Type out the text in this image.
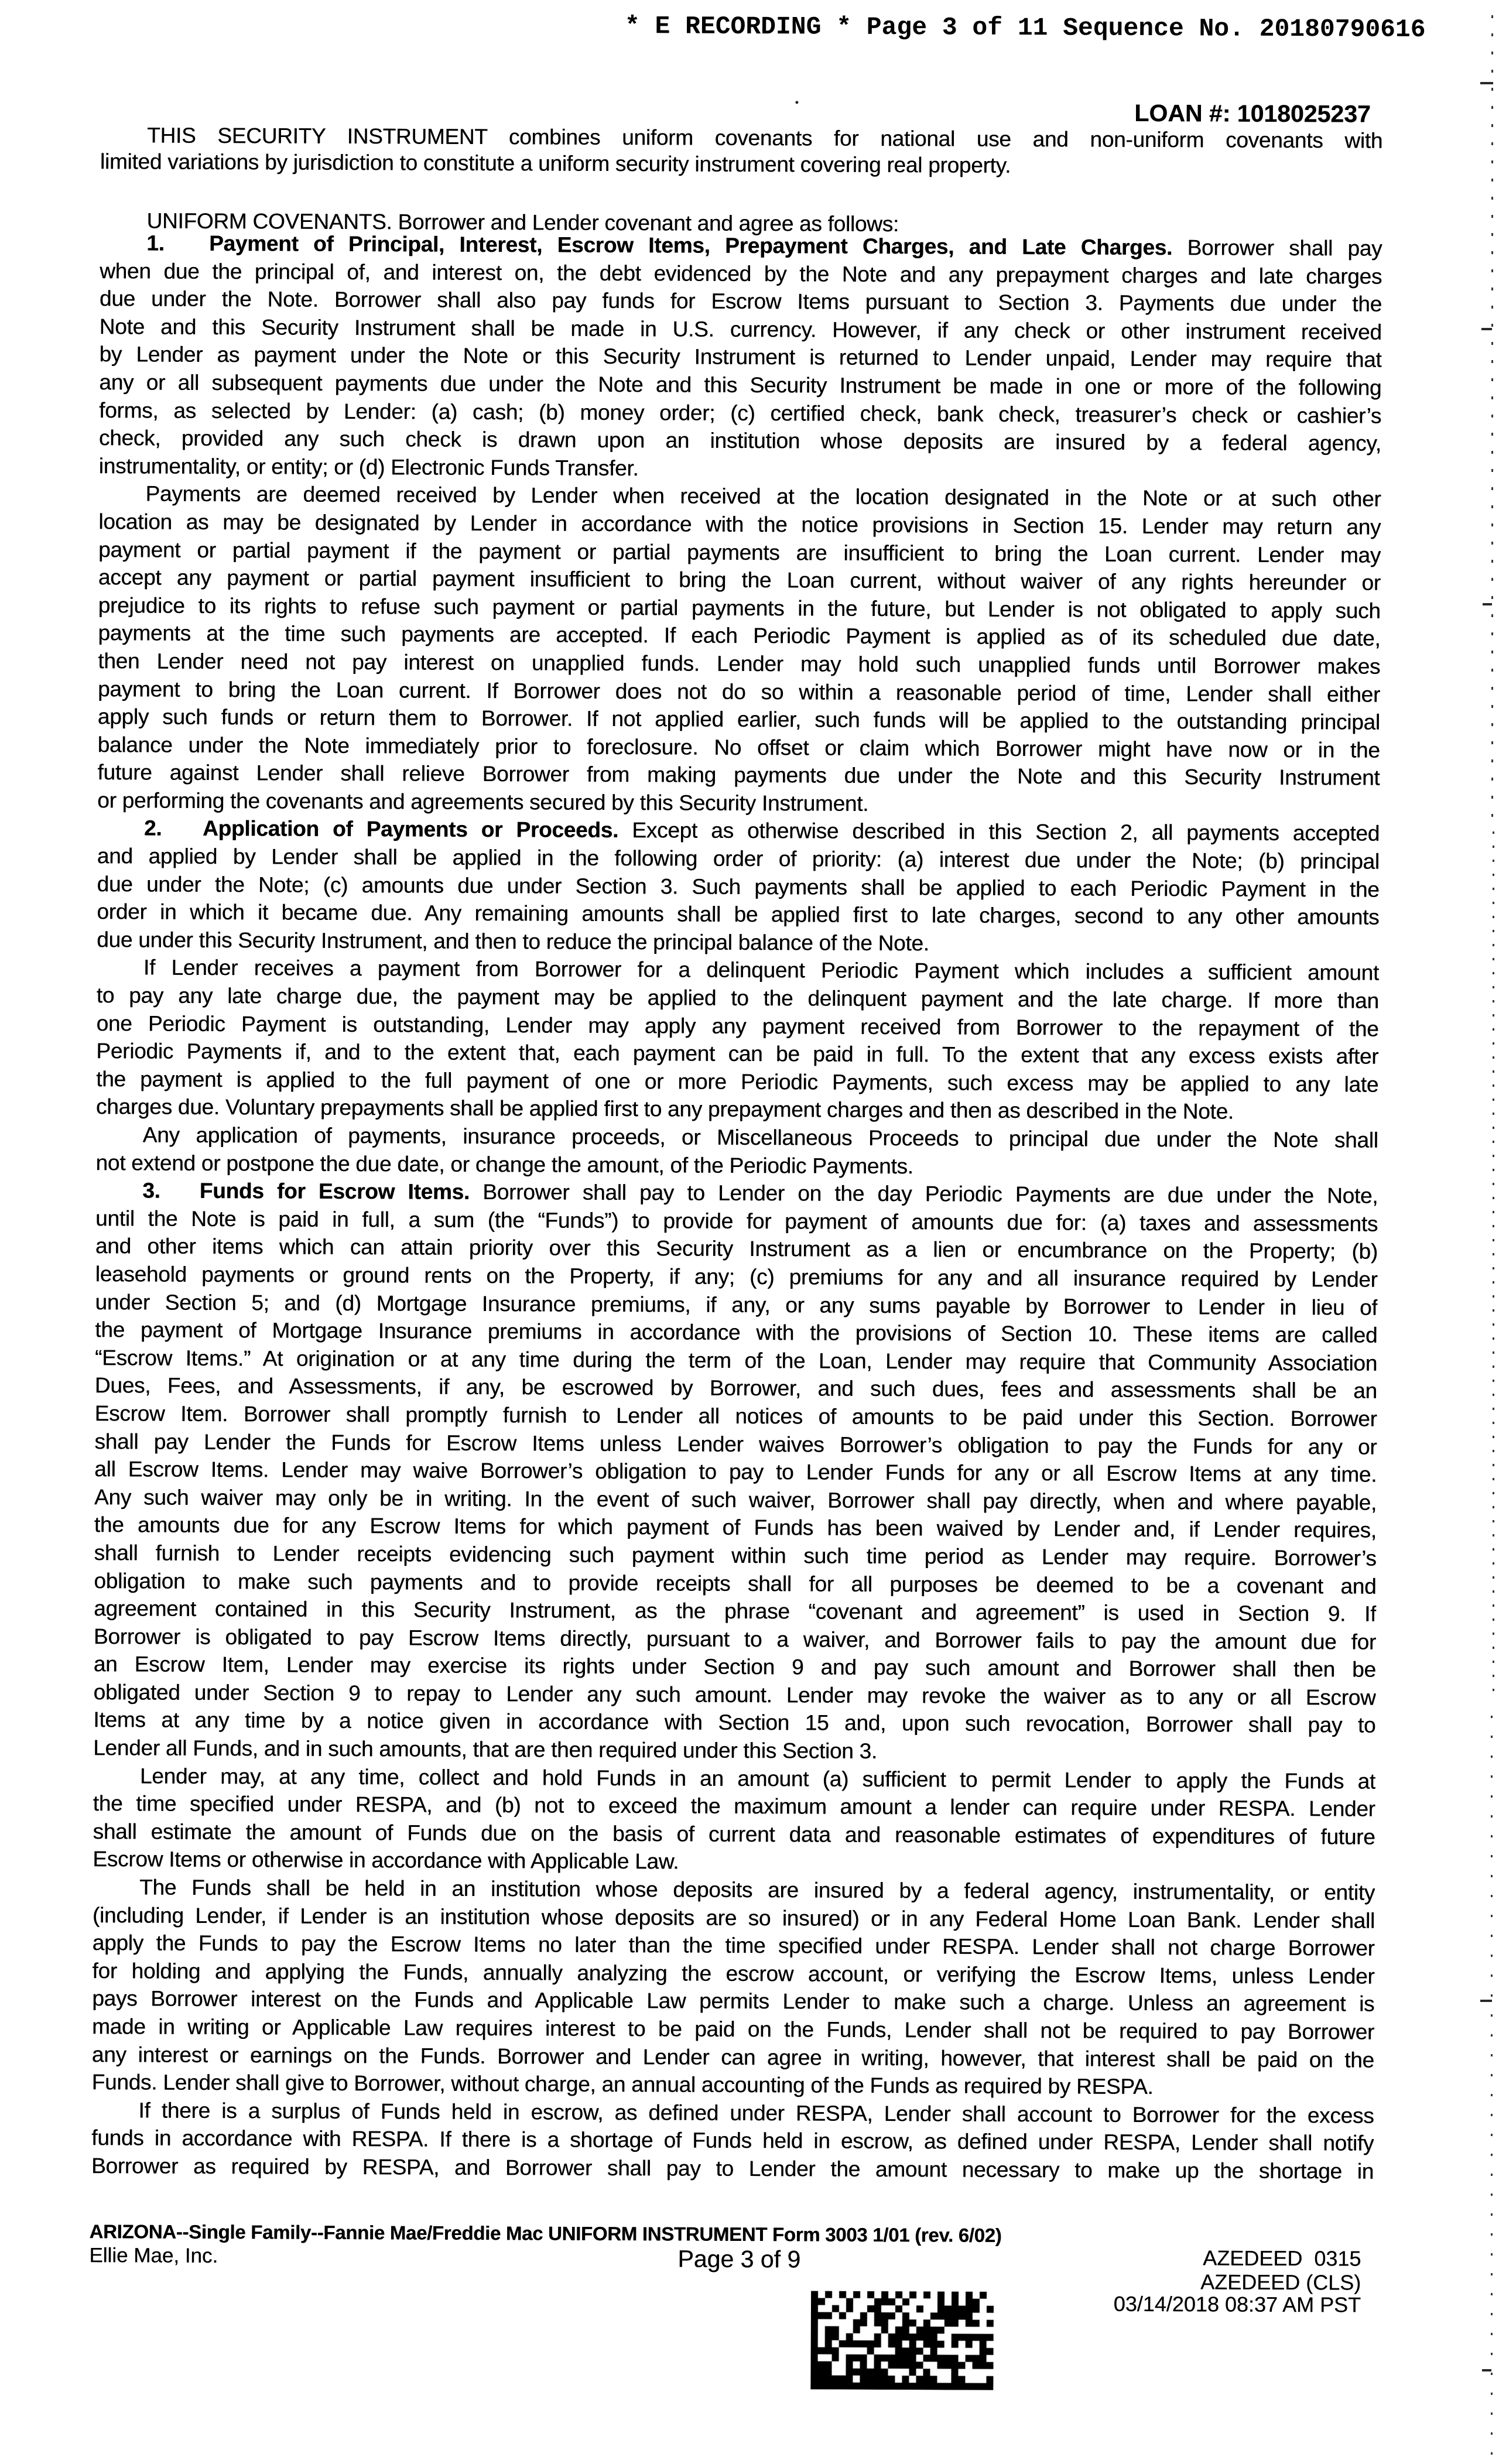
* E RECORDING * Page 3 of 11 Sequence No. 20180790616
LOAN #: 1018025237
THIS SECURITY INSTRUMENT combines uniform covenants for national use and non-uniform covenants with
limited variations by jurisdiction to constitute a uniform security instrument covering real property.
UNIFORM COVENANTS. Borrower and Lender covenant and agree as follows:
1.   Payment of Principal, Interest, Escrow Items, Prepayment Charges, and Late Charges. Borrower shall pay
when due the principal of, and interest on, the debt evidenced by the Note and any prepayment charges and late charges
due under the Note. Borrower shall also pay funds for Escrow Items pursuant to Section 3. Payments due under the
Note and this Security Instrument shall be made in U.S. currency. However, if any check or other instrument received
by Lender as payment under the Note or this Security Instrument is returned to Lender unpaid, Lender may require that
any or all subsequent payments due under the Note and this Security Instrument be made in one or more of the following
forms, as selected by Lender: (a) cash; (b) money order; (c) certified check, bank check, treasurer’s check or cashier’s
check, provided any such check is drawn upon an institution whose deposits are insured by a federal agency,
instrumentality, or entity; or (d) Electronic Funds Transfer.
Payments are deemed received by Lender when received at the location designated in the Note or at such other
location as may be designated by Lender in accordance with the notice provisions in Section 15. Lender may return any
payment or partial payment if the payment or partial payments are insufficient to bring the Loan current. Lender may
accept any payment or partial payment insufficient to bring the Loan current, without waiver of any rights hereunder or
prejudice to its rights to refuse such payment or partial payments in the future, but Lender is not obligated to apply such
payments at the time such payments are accepted. If each Periodic Payment is applied as of its scheduled due date,
then Lender need not pay interest on unapplied funds. Lender may hold such unapplied funds until Borrower makes
payment to bring the Loan current. If Borrower does not do so within a reasonable period of time, Lender shall either
apply such funds or return them to Borrower. If not applied earlier, such funds will be applied to the outstanding principal
balance under the Note immediately prior to foreclosure. No offset or claim which Borrower might have now or in the
future against Lender shall relieve Borrower from making payments due under the Note and this Security Instrument
or performing the covenants and agreements secured by this Security Instrument.
2.   Application of Payments or Proceeds. Except as otherwise described in this Section 2, all payments accepted
and applied by Lender shall be applied in the following order of priority: (a) interest due under the Note; (b) principal
due under the Note; (c) amounts due under Section 3. Such payments shall be applied to each Periodic Payment in the
order in which it became due. Any remaining amounts shall be applied first to late charges, second to any other amounts
due under this Security Instrument, and then to reduce the principal balance of the Note.
If Lender receives a payment from Borrower for a delinquent Periodic Payment which includes a sufficient amount
to pay any late charge due, the payment may be applied to the delinquent payment and the late charge. If more than
one Periodic Payment is outstanding, Lender may apply any payment received from Borrower to the repayment of the
Periodic Payments if, and to the extent that, each payment can be paid in full. To the extent that any excess exists after
the payment is applied to the full payment of one or more Periodic Payments, such excess may be applied to any late
charges due. Voluntary prepayments shall be applied first to any prepayment charges and then as described in the Note.
Any application of payments, insurance proceeds, or Miscellaneous Proceeds to principal due under the Note shall
not extend or postpone the due date, or change the amount, of the Periodic Payments.
3.   Funds for Escrow Items. Borrower shall pay to Lender on the day Periodic Payments are due under the Note,
until the Note is paid in full, a sum (the “Funds”) to provide for payment of amounts due for: (a) taxes and assessments
and other items which can attain priority over this Security Instrument as a lien or encumbrance on the Property; (b)
leasehold payments or ground rents on the Property, if any; (c) premiums for any and all insurance required by Lender
under Section 5; and (d) Mortgage Insurance premiums, if any, or any sums payable by Borrower to Lender in lieu of
the payment of Mortgage Insurance premiums in accordance with the provisions of Section 10. These items are called
“Escrow Items.” At origination or at any time during the term of the Loan, Lender may require that Community Association
Dues, Fees, and Assessments, if any, be escrowed by Borrower, and such dues, fees and assessments shall be an
Escrow Item. Borrower shall promptly furnish to Lender all notices of amounts to be paid under this Section. Borrower
shall pay Lender the Funds for Escrow Items unless Lender waives Borrower’s obligation to pay the Funds for any or
all Escrow Items. Lender may waive Borrower’s obligation to pay to Lender Funds for any or all Escrow Items at any time.
Any such waiver may only be in writing. In the event of such waiver, Borrower shall pay directly, when and where payable,
the amounts due for any Escrow Items for which payment of Funds has been waived by Lender and, if Lender requires,
shall furnish to Lender receipts evidencing such payment within such time period as Lender may require. Borrower’s
obligation to make such payments and to provide receipts shall for all purposes be deemed to be a covenant and
agreement contained in this Security Instrument, as the phrase “covenant and agreement” is used in Section 9. If
Borrower is obligated to pay Escrow Items directly, pursuant to a waiver, and Borrower fails to pay the amount due for
an Escrow Item, Lender may exercise its rights under Section 9 and pay such amount and Borrower shall then be
obligated under Section 9 to repay to Lender any such amount. Lender may revoke the waiver as to any or all Escrow
Items at any time by a notice given in accordance with Section 15 and, upon such revocation, Borrower shall pay to
Lender all Funds, and in such amounts, that are then required under this Section 3.
Lender may, at any time, collect and hold Funds in an amount (a) sufficient to permit Lender to apply the Funds at
the time specified under RESPA, and (b) not to exceed the maximum amount a lender can require under RESPA. Lender
shall estimate the amount of Funds due on the basis of current data and reasonable estimates of expenditures of future
Escrow Items or otherwise in accordance with Applicable Law.
The Funds shall be held in an institution whose deposits are insured by a federal agency, instrumentality, or entity
(including Lender, if Lender is an institution whose deposits are so insured) or in any Federal Home Loan Bank. Lender shall
apply the Funds to pay the Escrow Items no later than the time specified under RESPA. Lender shall not charge Borrower
for holding and applying the Funds, annually analyzing the escrow account, or verifying the Escrow Items, unless Lender
pays Borrower interest on the Funds and Applicable Law permits Lender to make such a charge. Unless an agreement is
made in writing or Applicable Law requires interest to be paid on the Funds, Lender shall not be required to pay Borrower
any interest or earnings on the Funds. Borrower and Lender can agree in writing, however, that interest shall be paid on the
Funds. Lender shall give to Borrower, without charge, an annual accounting of the Funds as required by RESPA.
If there is a surplus of Funds held in escrow, as defined under RESPA, Lender shall account to Borrower for the excess
funds in accordance with RESPA. If there is a shortage of Funds held in escrow, as defined under RESPA, Lender shall notify
Borrower as required by RESPA, and Borrower shall pay to Lender the amount necessary to make up the shortage in
ARIZONA--Single Family--Fannie Mae/Freddie Mac UNIFORM INSTRUMENT Form 3003 1/01 (rev. 6/02)
Ellie Mae, Inc.	Page 3 of 9	AZEDEED  0315
AZEDEED (CLS)
03/14/2018 08:37 AM PST
